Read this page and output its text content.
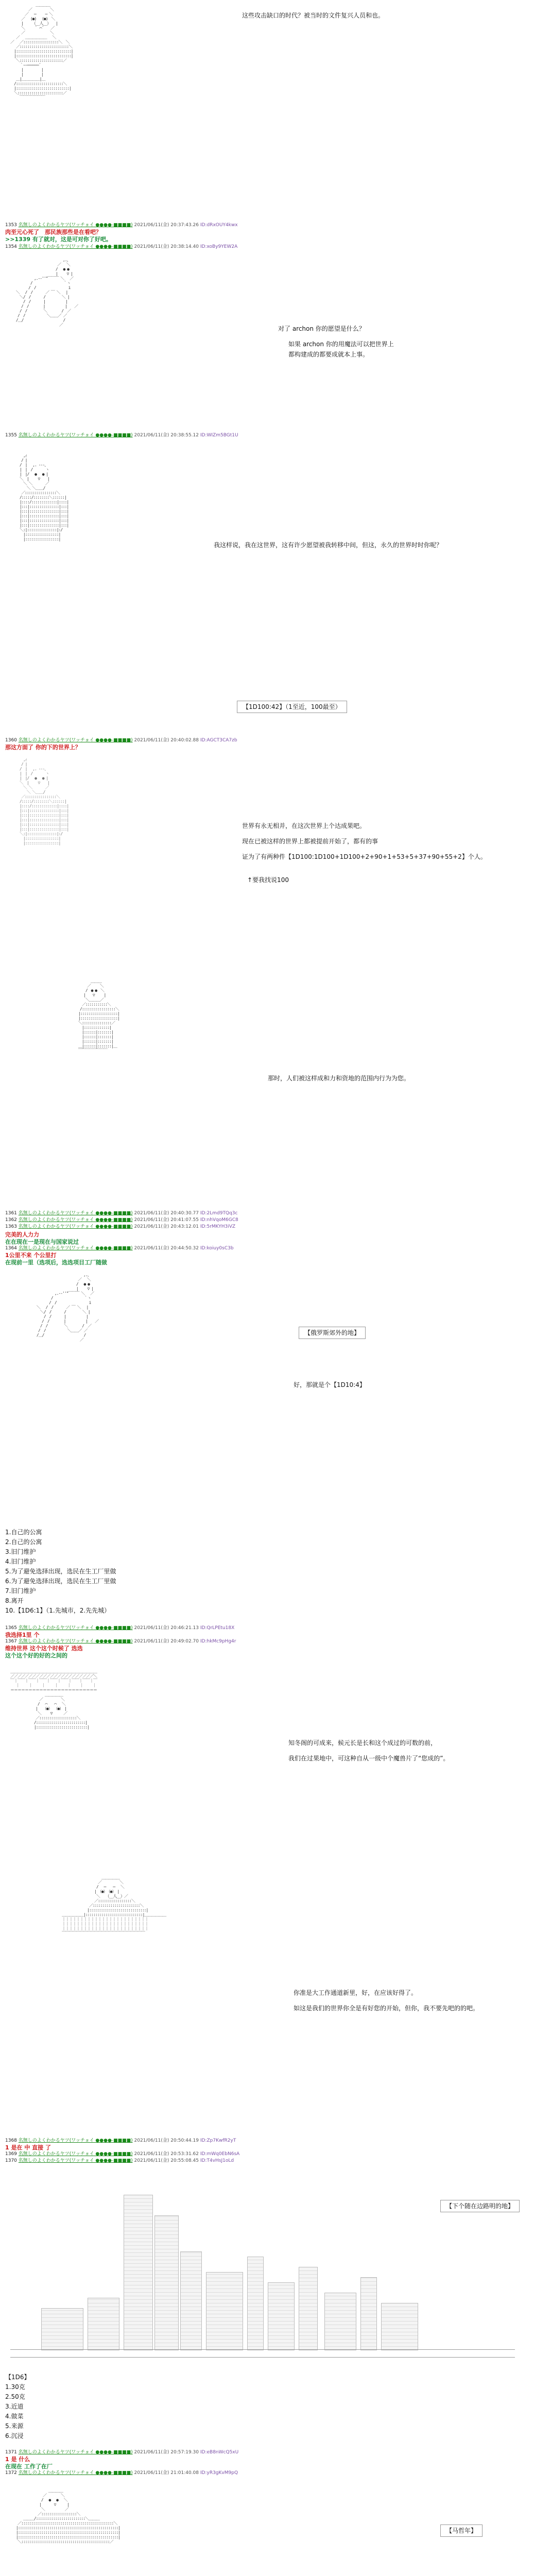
　　　　　　　＿＿＿＿
　　　　　／　　　　　＼
　　　　／　 ─　　 ─ ＼
　　　／　 (●)　 (●)　＼
　　　|　　　（__人__）　　|
　　　＼　　 ｀ ⌒´　　／
　　　／　　　　　　　＼
　 ／　 ＿＿＿＿＿＿　 ＼
／　 ／::::::::::::::::::＼　＼
　 ／:::::::::::::::::::::::::＼
　|::::::::::::::::::::::::::::|
　|::::::::::::::::::::::::::::|
　 ＼::::::::::::::::::::::／
　　 ｀ー──────´
　　　|　　　　　|
　　　|　　　　　|
　 ＿|＿＿＿＿＿|＿
　/::::::::::::::::::::::::＼
　|:::::::::::::::::::::::::::|
　＼:::::::::::::::::::::::／
　　 ￣￣￣￣￣￣￣
这些攻击缺口的时代？被当时的文件复兴人员和也。
1353 名無しのよくわかるヤツ(ワッチョイ ●●●●-■■■■) 2021/06/11(金) 20:37:43.26 ID:dRxOUY4kwx
肉至元心死了　那民族那些是在看吧？
>>1339 有了就对，这是可对你了好吧。
1354 名無しのよくわかるヤツ(ワッチョイ ●●●●-■■■■) 2021/06/11(金) 20:38:14.40 ID:xoBy9YEW2A
　　　　　　　　　　　　　　 ,.、
　　　　　　　　　　　　　／　 ＼
　　　　　　　　　　　　 /　 ● ●
　　　　　　　　　　　　 |　　 ▽ |
　　　　　　 ,.-‐''"￣￣￣ ＼　 ／
　　　　　 /　　　　　　　　 ｀ヽ
　　　　　/　/　　　　　　　　　i
　 ＼　 /　/　　　 ／ ￣ ＼　 |
　　 ＼/　/　　　 /　　　　 ＼ |
　　　 /　/　　　 |　　　　　 |
　　　/　/　　　　|　　　　　 |　　／
　　 /　/　　　　 ＼　　　　/　／
　　/　/　　　　　　＼＿＿／ ／
　 /＿/　　　　　　　　　　　/
　　　　　　　　　　　　　 ／
对了 archon 你的愿望是什么？
如果 archon 你的用魔法可以把世界上
都构建成的都要成就本上事。
1355 名無しのよくわかるヤツ(ワッチョイ ●●●●-■■■■) 2021/06/11(金) 20:38:55.12 ID:WIZm5BGt1U
　　　 ,ｨ 　　　　　　　
　　　/ |　　　　　　　
　　 /　|　 ,. -‐-、　
　　 |　|　/　　　 ヽ
　　 |　|/　 ● 　● |
　　 ＼　|　　 ▽ 　 |
　　　 ＼ ＼　　　 ／
　　　　 ＼ ＼＿＿/
　　　／::::::::::::::::＼
　　 /:::::/::::::::＼::::::|
　　 |::::/:::::::::::::|::::|
　　 |:::|:::::::::::::::|:::|
　　 |:::|:::::::::::::::|:::|
　　 |:::|:::::::::::::::|:::|
　　 |:::|:::::::::::::::|:::|
　　 |:::|:::::::::::::::|:::|
　　 ＼:|:::::::::::::::|:/
　　　 |:::::::::::::::::|
　　　 |:::::::::::::::::|
我这样说，我在这世界，这有许少愿望被我转移中间，但这，永久的世界时时你呢？
【1D100:42】（1至近，100最至）
1360 名無しのよくわかるヤツ(ワッチョイ ●●●●-■■■■) 2021/06/11(金) 20:40:02.88 ID:AGCT3CA7zb
那这方面了 你的下的世界上？
　　　 ,ｨ 　　　　　　　
　　　/ |　　　　　　　
　　 /　|　 ,. -‐-、　
　　 |　|　/　　　 ヽ
　　 |　|/　 ● 　● |
　　 ＼　|　　 ▽ 　 |
　　　 ＼ ＼　　　 ／
　　　　 ＼ ＼＿＿/
　　　／::::::::::::::::＼
　　 /:::::/::::::::＼::::::|
　　 |::::/:::::::::::::|::::|
　　 |:::|:::::::::::::::|:::|
　　 |:::|:::::::::::::::|:::|
　　 |:::|:::::::::::::::|:::|
　　 |:::|:::::::::::::::|:::|
　　 |:::|:::::::::::::::|:::|
　　 ＼:|:::::::::::::::|:/
　　　 |:::::::::::::::::|
　　　 |:::::::::::::::::|
世界有永无相并，在这次世界上个达成果吧。
现在已被这样的世界上都被提前开始了，都有的事
证为了有两种件【1D100:1D100+1D100+2+90+1+53+5+37+90+55+2】个人。
↑要我找说100
　　　　　　　　＿＿＿
　　　　　　　／　　 ＼
　　　　　　 /　● ●　＼
　　　　　　|　　▽　　 |
　　　　　　 ＼＿＿＿／
　　　　　 ／:::::::::::＼
　　　　　/:::::::::::::::::＼
　　　　 |:::::::::::::::::::|
　　　　 |:::::::::::::::::::|
　　　　 ＼:::::::::::::::／
　　　　　 |:::::::::::::|
　　　　　 |::::::|:::::::|
　　　　　 |::::::|:::::::|
　　　　　 |::::::|:::::::|
　　　　 ＿|::::::|:::::::|＿
　　　　 ￣￣￣￣￣￣￣￣
那时，人们被这样成和力和资地的范围内行为为您。
1361 名無しのよくわかるヤツ(ワッチョイ ●●●●-■■■■) 2021/06/11(金) 20:40:30.77 ID:2Lmd9TQq3c
1362 名無しのよくわかるヤツ(ワッチョイ ●●●●-■■■■) 2021/06/11(金) 20:41:07.55 ID:nhVqoM6GC8
1363 名無しのよくわかるヤツ(ワッチョイ ●●●●-■■■■) 2021/06/11(金) 20:43:12.01 ID:5rMKYH3iVZ
完美的人力力
在在现在一是现在与国家说过
1364 名無しのよくわかるヤツ(ワッチョイ ●●●●-■■■■) 2021/06/11(金) 20:44:50.32 ID:koiuy0sC3b
1公里不来 个公里打
在现前一里（选项后，选选项目工厂随做
　　　　　　　　　　　　　　 ,.、
　　　　　　　　　　　　　／　 ＼
　　　　　　　　　　　　 /　 ● ●
　　　　　　　　　　　　 |　　 ▽ |
　　　　　　 ,.-‐''"￣￣￣ ＼　 ／
　　　　　 /　　　　　　　　 ｀ヽ
　　　　　/　/　　　　　　　　　i
　 ＼　 /　/　　　 ／ ￣ ＼　 |
　　 ＼/　/　　　 /　　　　 ＼ |
　　　 /　/　　　 |　　　　　 |
　　　/　/　　　　|　　　　　 |　　／
　　 /　/　　　　 ＼　　　　/　／
　　/　/　　　　　　＼＿＿／ ／
　 /＿/　　　　　　　　　　　/
　　　　　　　　　　　　　 ／
【俄罗斯郊外的地】
好，那就是个【1D10:4】
1.自己的公寓
2.自己的公寓
3.旧门维护
4.旧门维护
5.为了避免选择出现，选民在生工厂里做
6.为了避免选择出现，选民在生工厂里做
7.旧门维护
8.离开
10.【1D6:1】（1.先城市，2.先先城）
1365 名無しのよくわかるヤツ(ワッチョイ ●●●●-■■■■) 2021/06/11(金) 20:46:21.13 ID:QrLPEtu18X
我选择1里 个
1367 名無しのよくわかるヤツ(ワッチョイ ●●●●-■■■■) 2021/06/11(金) 20:49:02.70 ID:hkMc9pHg4r
维持世界 这个这个时候了 选选
这个这个好的好的之间的
＿＿＿＿＿＿＿＿＿＿＿＿＿＿＿＿＿＿＿＿＿＿＿＿
／／／／／／／／／／／／／／／／／／／／／／／＼
￣｜￣￣｜￣￣｜￣￣｜￣￣｜￣￣｜￣￣｜￣￣｜￣
　 ｜　　 ｜　　 ｜　　 ｜　　 ｜　　 ｜　　 ｜
＝＝＝＝＝＝＝＝＝＝＝＝＝＝＝＝＝＝＝＝＝＝＝＝
　　　　　　　　　 ＿＿＿＿＿
　　　　　　　　／　　　　　＼
　　　　　　　 /　 ⌒　　⌒　 ＼
　　　　　　　|　　（●） （●）　|
　　　　　　　 ＼　　 ▽ 　　 ／
　　　　　　　／:::::::::::::::::::＼
　　　　　　 /:::::::::::::::::::::::::|
　　　　　　 |::::::::::::::::::::::::::|
知冬阁的可成来，候元长是长和这个成过的可数的前，
我们在过果地中，可这种自从一级中个魔兽片了“您成的”。
　　　　　　　　　　　＿＿＿＿＿
　　　　　　　　　　／　　　　　＼
　　　　　　　　　 /　 ─　　─　 ＼
　　　　　　　　　|　（●）　（●）　|
　　　　　　　　　 ＼　 （__人__）／
　　　　　　　　　／:::::::::::::::::＼
　　　　　　　 ／::::::::::::::::::::::::＼
　　　　　　　|:::::::::::::::::::::::::::::|
＿＿＿＿＿＿|:::::::::::::::::::::::::::::|＿＿＿＿＿＿
｜｜｜｜｜｜｜｜｜｜｜｜｜｜｜｜｜｜｜｜｜｜｜｜
｜｜｜｜｜｜｜｜｜｜｜｜｜｜｜｜｜｜｜｜｜｜｜｜
｜｜｜｜｜｜｜｜｜｜｜｜｜｜｜｜｜｜｜｜｜｜｜｜
￣￣￣￣￣￣￣￣￣￣￣￣￣￣￣￣￣￣￣￣￣￣￣
你准是大工作通道新里，好，在应该好得了。
如这是我们的世界你全是有好您的开始，但你，我不要先吧的的吧。
1368 名無しのよくわかるヤツ(ワッチョイ ●●●●-■■■■) 2021/06/11(金) 20:50:44.19 ID:Zp7KwfR2yT
1 是在 中 直接 了
1369 名無しのよくわかるヤツ(ワッチョイ ●●●●-■■■■) 2021/06/11(金) 20:53:31.62 ID:mWq0EbN6sA
1370 名無しのよくわかるヤツ(ワッチョイ ●●●●-■■■■) 2021/06/11(金) 20:55:08.45 ID:T4vHsJ1oLd
【下个随在边路明的地】
【1D6】
1.30克
2.50克
3.近道
4.做菜
5.来源
6.沉浸
1371 名無しのよくわかるヤツ(ワッチョイ ●●●●-■■■■) 2021/06/11(金) 20:57:19.30 ID:eB8nWcQ5xU
1 是 什么
在现在 工作了在厂
1372 名無しのよくわかるヤツ(ワッチョイ ●●●●-■■■■) 2021/06/11(金) 21:01:40.08 ID:yR3gKvM9pQ
　　　　　　　　　　 ＿＿＿＿
　　　　　　　　　／　　　　＼
　　　　　　　　 /　 ● 　●　 ＼
　　　　　　　　|　　　 ▽ 　　 |
　　　　　　　　 ＼　　　　　 ／
　　　　　　　 ／::::::::::::::::::＼
　　　 ＿＿＿/:::::::::::::::::::::::::＼＿＿＿
　　／:::::::::::::::::::::::::::::::::::::::::::::::＼
　 |:::::::::::::::::::::::::::::::::::::::::::::::::::|
　 |:::::::::::::::::::::::::::::::::::::::::::::::::::|
　 |:::::::::::::::::::::::::::::::::::::::::::::::::::|
　　＼:::::::::::::::::::::::::::::::::::::::::::::／
【马哲年】
